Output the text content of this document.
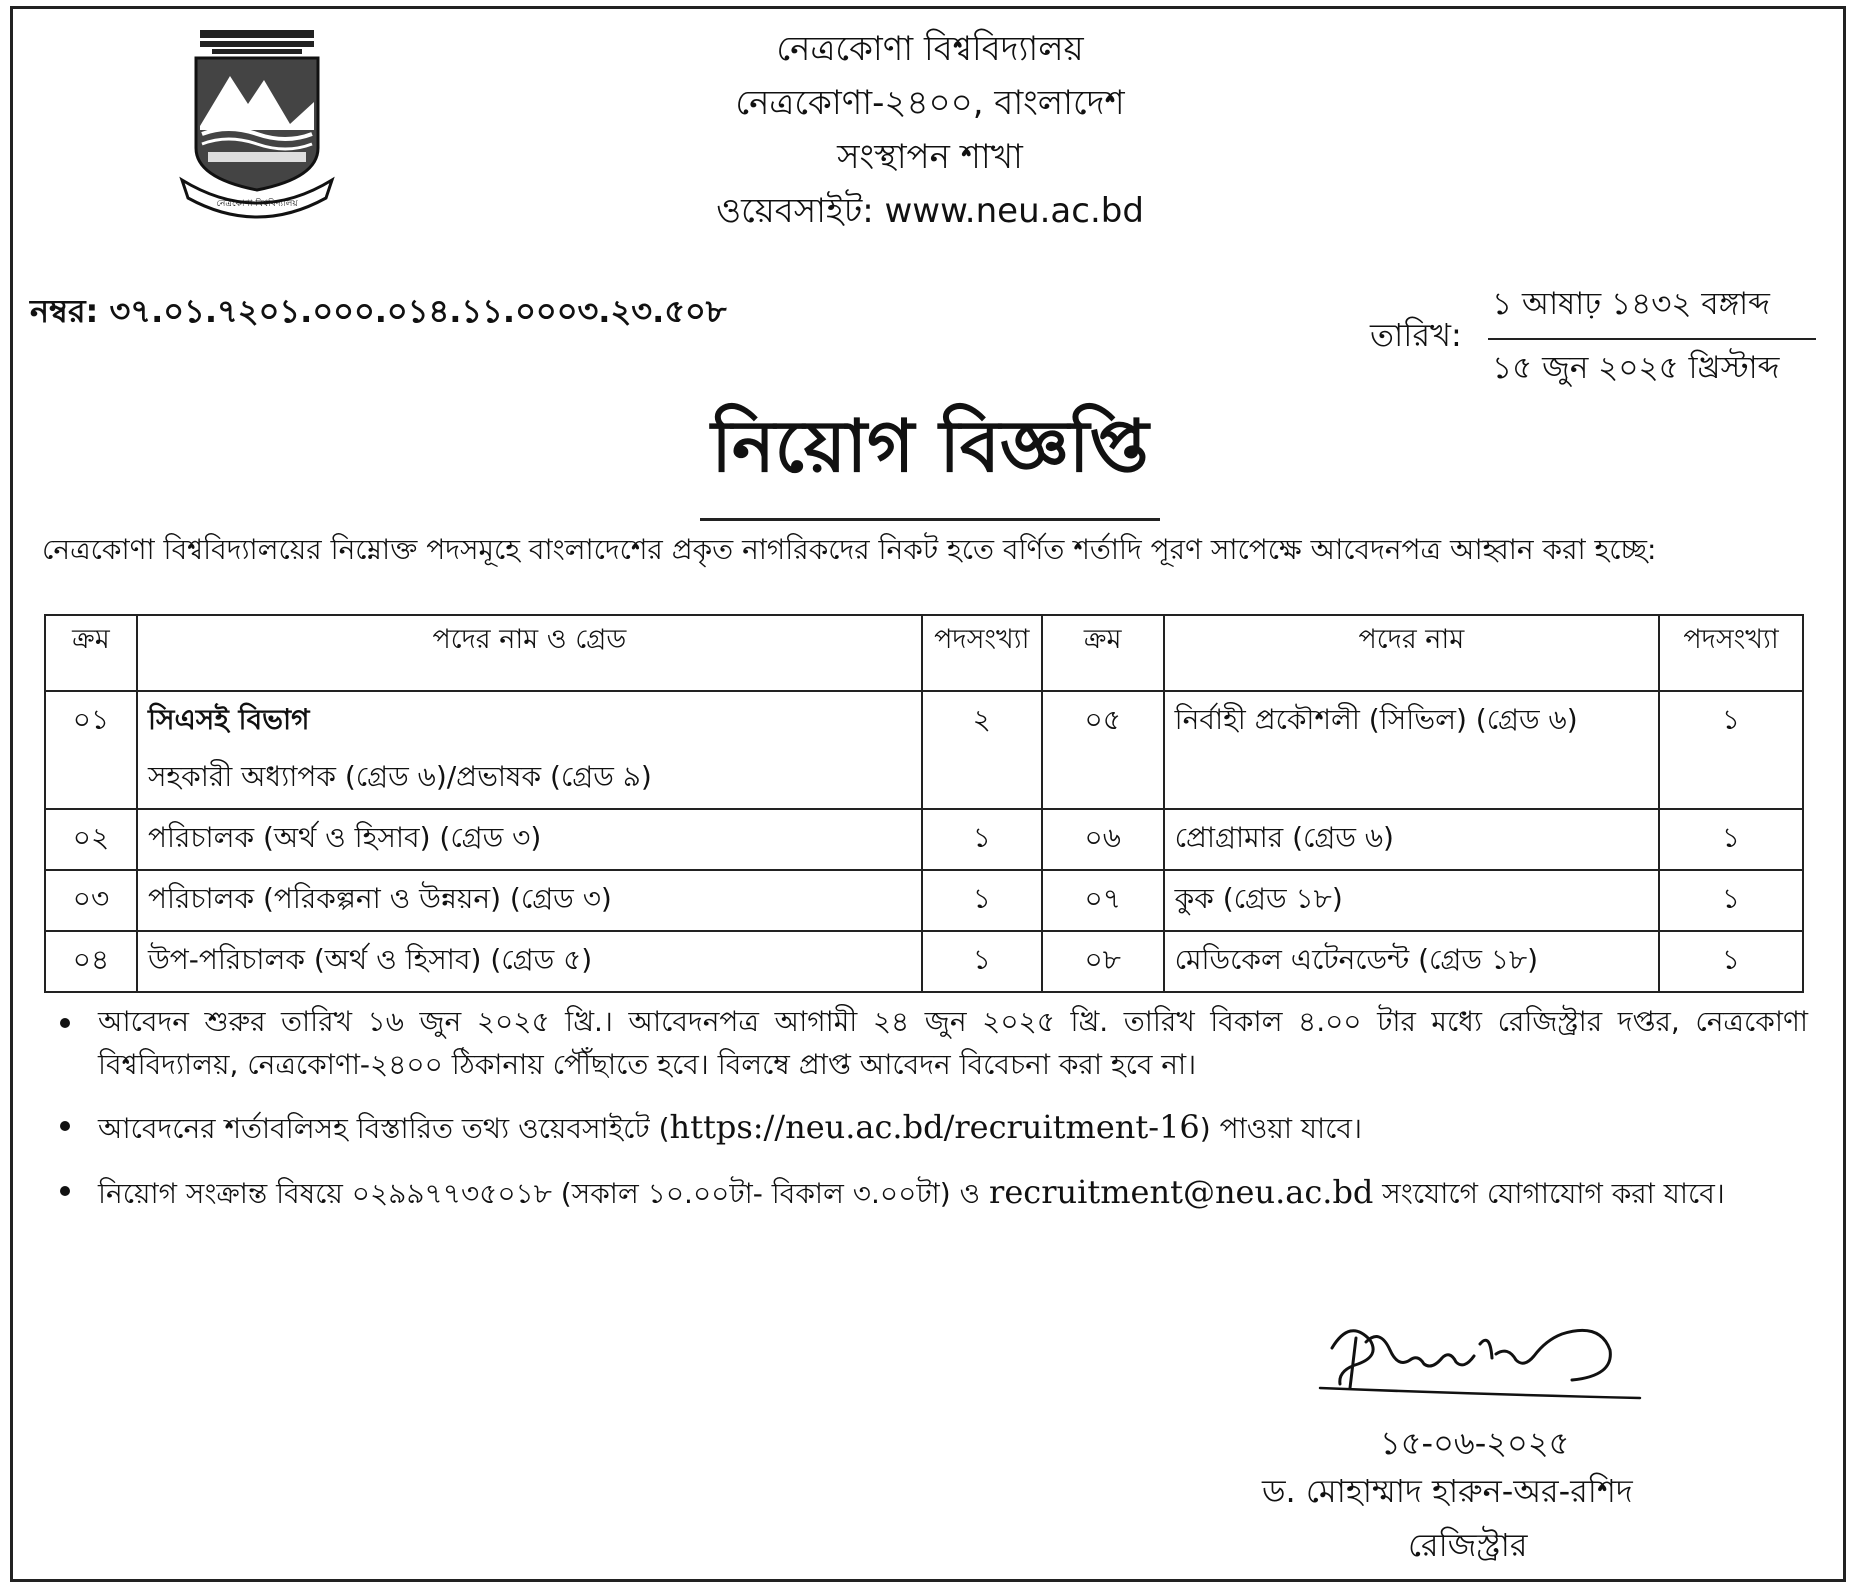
নেত্রকোণা বিশ্ববিদ্যালয়
নেত্রকোণা বিশ্ববিদ্যালয়
নেত্রকোণা-২৪০০, বাংলাদেশ
সংস্থাপন শাখা
ওয়েবসাইট: www.neu.ac.bd
নম্বর: ৩৭.০১.৭২০১.০০০.০১৪.১১.০০০৩.২৩.৫০৮
তারিখ:
১ আষাঢ় ১৪৩২ বঙ্গাব্দ
১৫ জুন ২০২৫ খ্রিস্টাব্দ
নিয়োগ বিজ্ঞপ্তি
নেত্রকোণা বিশ্ববিদ্যালয়ের নিম্নোক্ত পদসমূহে বাংলাদেশের প্রকৃত নাগরিকদের নিকট হতে বর্ণিত শর্তাদি পূরণ সাপেক্ষে আবেদনপত্র আহ্বান করা হচ্ছে:
ক্রম	পদের নাম ও গ্রেড	পদসংখ্যা	ক্রম	পদের নাম	পদসংখ্যা
০১	সিএসই বিভাগ
সহকারী অধ্যাপক (গ্রেড ৬)/প্রভাষক (গ্রেড ৯)	২	০৫	নির্বাহী প্রকৌশলী (সিভিল) (গ্রেড ৬)	১
০২	পরিচালক (অর্থ ও হিসাব) (গ্রেড ৩)	১	০৬	প্রোগ্রামার (গ্রেড ৬)	১
০৩	পরিচালক (পরিকল্পনা ও উন্নয়ন) (গ্রেড ৩)	১	০৭	কুক (গ্রেড ১৮)	১
০৪	উপ-পরিচালক (অর্থ ও হিসাব) (গ্রেড ৫)	১	০৮	মেডিকেল এটেনডেন্ট (গ্রেড ১৮)	১
আবেদন শুরুর তারিখ ১৬ জুন ২০২৫ খ্রি.। আবেদনপত্র আগামী ২৪ জুন ২০২৫ খ্রি. তারিখ বিকাল ৪.০০ টার মধ্যে রেজিস্ট্রার দপ্তর, নেত্রকোণা বিশ্ববিদ্যালয়, নেত্রকোণা-২৪০০ ঠিকানায় পৌঁছাতে হবে। বিলম্বে প্রাপ্ত আবেদন বিবেচনা করা হবে না।
আবেদনের শর্তাবলিসহ বিস্তারিত তথ্য ওয়েবসাইটে (https://neu.ac.bd/recruitment-16) পাওয়া যাবে।
নিয়োগ সংক্রান্ত বিষয়ে ০২৯৯৭৭৩৫০১৮ (সকাল ১০.০০টা- বিকাল ৩.০০টা) ও recruitment@neu.ac.bd সংযোগে যোগাযোগ করা যাবে।
১৫-০৬-২০২৫
ড. মোহাম্মাদ হারুন-অর-রশিদ
রেজিস্ট্রার
